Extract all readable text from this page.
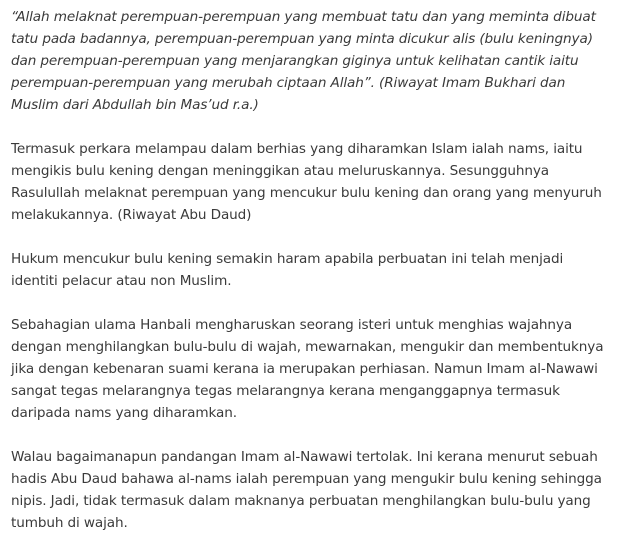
“Allah melaknat perempuan-perempuan yang membuat tatu dan yang meminta dibuat
tatu pada badannya, perempuan-perempuan yang minta dicukur alis (bulu keningnya)
dan perempuan-perempuan yang menjarangkan giginya untuk kelihatan cantik iaitu
perempuan-perempuan yang merubah ciptaan Allah”. (Riwayat Imam Bukhari dan
Muslim dari Abdullah bin Mas’ud r.a.)

Termasuk perkara melampau dalam berhias yang diharamkan Islam ialah nams, iaitu
mengikis bulu kening dengan meninggikan atau meluruskannya. Sesungguhnya
Rasulullah melaknat perempuan yang mencukur bulu kening dan orang yang menyuruh
melakukannya. (Riwayat Abu Daud)

Hukum mencukur bulu kening semakin haram apabila perbuatan ini telah menjadi
identiti pelacur atau non Muslim.

Sebahagian ulama Hanbali mengharuskan seorang isteri untuk menghias wajahnya
dengan menghilangkan bulu-bulu di wajah, mewarnakan, mengukir dan membentuknya
jika dengan kebenaran suami kerana ia merupakan perhiasan. Namun Imam al-Nawawi
sangat tegas melarangnya tegas melarangnya kerana menganggapnya termasuk
daripada nams yang diharamkan.

Walau bagaimanapun pandangan Imam al-Nawawi tertolak. Ini kerana menurut sebuah
hadis Abu Daud bahawa al-nams ialah perempuan yang mengukir bulu kening sehingga
nipis. Jadi, tidak termasuk dalam maknanya perbuatan menghilangkan bulu-bulu yang
tumbuh di wajah.
